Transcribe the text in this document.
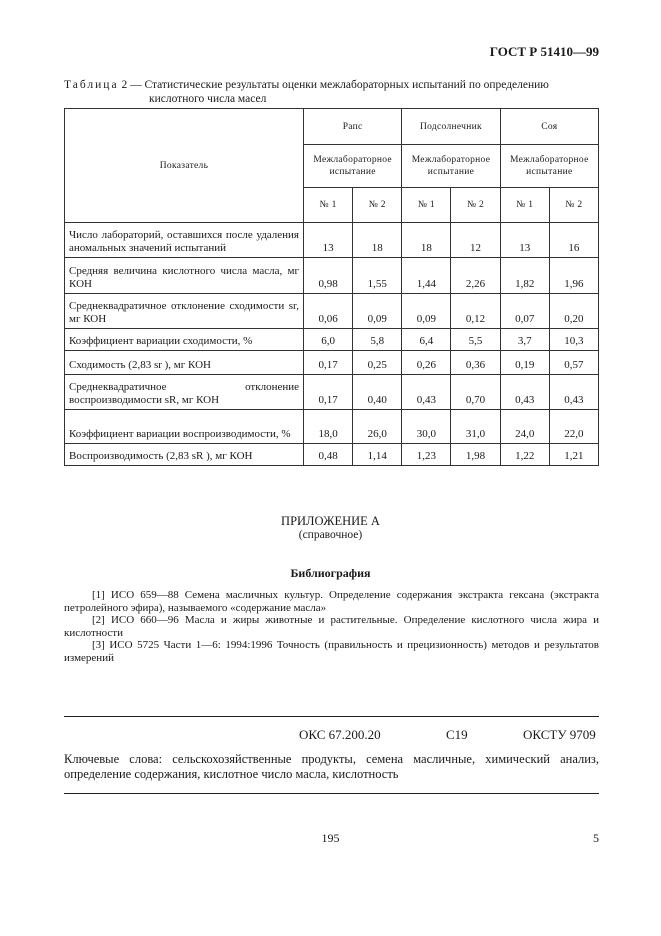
ГОСТ Р 51410—99
Таблица 2 — Статистические результаты оценки межлабораторных испытаний по определению
кислотного числа масел
Показатель	Рапс		Подсолнечник		Соя	
	Межлабораторное испытание		Межлабораторное испытание		Межлабораторное испытание	
	№ 1	№ 2	№ 1	№ 2	№ 1	№ 2
Число лабораторий, оставшихся после удаления аномальных значений испытаний	13	18	18	12	13	16
Средняя величина кислотного числа масла, мг КОН	0,98	1,55	1,44	2,26	1,82	1,96
Среднеквадратичное отклонение сходимости sr, мг КОН	0,06	0,09	0,09	0,12	0,07	0,20
Коэффициент вариации сходимости, %	6,0	5,8	6,4	5,5	3,7	10,3
Сходимость (2,83 sr ), мг КОН	0,17	0,25	0,26	0,36	0,19	0,57
Среднеквадратичное отклонение воспроизводимости sR, мг КОН	0,17	0,40	0,43	0,70	0,43	0,43
Коэффициент вариации воспроизводимости, %	18,0	26,0	30,0	31,0	24,0	22,0
Воспроизводимость (2,83 sR ), мг КОН	0,48	1,14	1,23	1,98	1,22	1,21
ПРИЛОЖЕНИЕ А
(справочное)
Библиография

[1] ИСО 659—88 Семена масличных культур. Определение содержания экстракта гексана (экстракта петролейного эфира), называемого «содержание масла»

[2] ИСО 660—96 Масла и жиры животные и растительные. Определение кислотного числа жира и кислотности

[3] ИСО 5725 Части 1—6: 1994:1996 Точность (правильность и прецизионность) методов и результатов измерений

ОКС 67.200.20	С19	ОКСТУ 9709
Ключевые слова: сельскохозяйственные продукты, семена масличные, химический анализ, определение содержания, кислотное число масла, кислотность
195	5
